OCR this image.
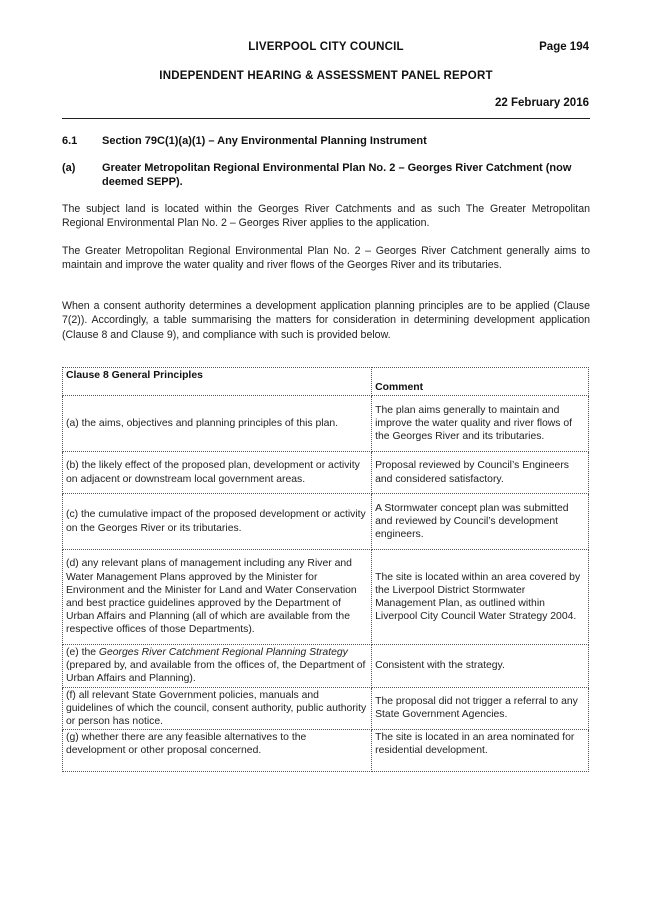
LIVERPOOL CITY COUNCIL	Page 194
INDEPENDENT HEARING & ASSESSMENT PANEL REPORT
22 February 2016
6.1 Section 79C(1)(a)(1) – Any Environmental Planning Instrument
(a) Greater Metropolitan Regional Environmental Plan No. 2 – Georges River Catchment (now deemed SEPP).
The subject land is located within the Georges River Catchments and as such The Greater Metropolitan Regional Environmental Plan No. 2 – Georges River applies to the application.
The Greater Metropolitan Regional Environmental Plan No. 2 – Georges River Catchment generally aims to maintain and improve the water quality and river flows of the Georges River and its tributaries.
When a consent authority determines a development application planning principles are to be applied (Clause 7(2)). Accordingly, a table summarising the matters for consideration in determining development application (Clause 8 and Clause 9), and compliance with such is provided below.
Clause 8 General Principles	Comment
(a) the aims, objectives and planning principles of this plan.	The plan aims generally to maintain and improve the water quality and river flows of the Georges River and its tributaries.
(b) the likely effect of the proposed plan, development or activity on adjacent or downstream local government areas.	Proposal reviewed by Council’s Engineers and considered satisfactory.
(c) the cumulative impact of the proposed development or activity on the Georges River or its tributaries.	A Stormwater concept plan was submitted and reviewed by Council’s development engineers.
(d) any relevant plans of management including any River and Water Management Plans approved by the Minister for Environment and the Minister for Land and Water Conservation and best practice guidelines approved by the Department of Urban Affairs and Planning (all of which are available from the respective offices of those Departments).	The site is located within an area covered by the Liverpool District Stormwater Management Plan, as outlined within Liverpool City Council Water Strategy 2004.
(e) the Georges River Catchment Regional Planning Strategy (prepared by, and available from the offices of, the Department of Urban Affairs and Planning).	Consistent with the strategy.
(f) all relevant State Government policies, manuals and guidelines of which the council, consent authority, public authority or person has notice.	The proposal did not trigger a referral to any State Government Agencies.
(g) whether there are any feasible alternatives to the development or other proposal concerned.	The site is located in an area nominated for residential development.
